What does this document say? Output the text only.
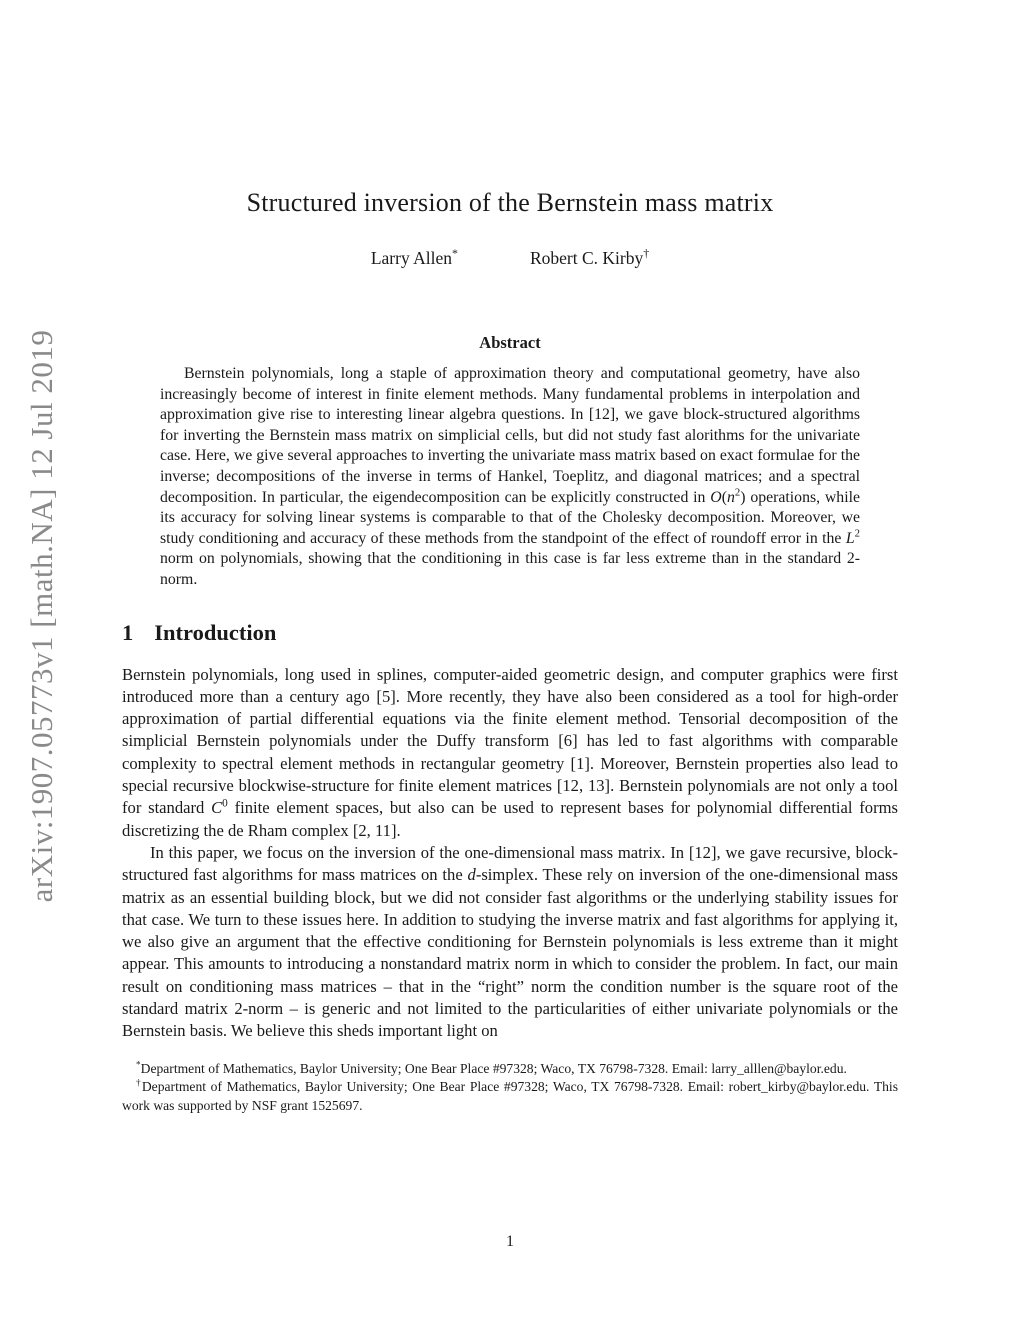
arXiv:1907.05773v1 [math.NA] 12 Jul 2019
Structured inversion of the Bernstein mass matrix
Larry Allen*	Robert C. Kirby†
Abstract

Bernstein polynomials, long a staple of approximation theory and computational geometry, have also increasingly become of interest in finite element methods. Many fundamental problems in interpolation and approximation give rise to interesting linear algebra questions. In [12], we gave block-structured algorithms for inverting the Bernstein mass matrix on simplicial cells, but did not study fast alorithms for the univariate case. Here, we give several approaches to inverting the univariate mass matrix based on exact formulae for the inverse; decompositions of the inverse in terms of Hankel, Toeplitz, and diagonal matrices; and a spectral decomposition. In particular, the eigendecomposition can be explicitly constructed in $O(n^2)$ operations, while its accuracy for solving linear systems is comparable to that of the Cholesky decomposition. Moreover, we study conditioning and accuracy of these methods from the standpoint of the effect of roundoff error in the $L^2$ norm on polynomials, showing that the conditioning in this case is far less extreme than in the standard 2-norm.

1 Introduction

Bernstein polynomials, long used in splines, computer-aided geometric design, and computer graphics were first introduced more than a century ago [5]. More recently, they have also been considered as a tool for high-order approximation of partial differential equations via the finite element method. Tensorial decomposition of the simplicial Bernstein polynomials under the Duffy transform [6] has led to fast algorithms with comparable complexity to spectral element methods in rectangular geometry [1]. Moreover, Bernstein properties also lead to special recursive blockwise-structure for finite element matrices [12, 13]. Bernstein polynomials are not only a tool for standard $C^0$ finite element spaces, but also can be used to represent bases for polynomial differential forms discretizing the de Rham complex [2, 11].

In this paper, we focus on the inversion of the one-dimensional mass matrix. In [12], we gave recursive, block-structured fast algorithms for mass matrices on the d-simplex. These rely on inversion of the one-dimensional mass matrix as an essential building block, but we did not consider fast algorithms or the underlying stability issues for that case. We turn to these issues here. In addition to studying the inverse matrix and fast algorithms for applying it, we also give an argument that the effective conditioning for Bernstein polynomials is less extreme than it might appear. This amounts to introducing a nonstandard matrix norm in which to consider the problem. In fact, our main result on conditioning mass matrices – that in the “right” norm the condition number is the square root of the standard matrix 2-norm – is generic and not limited to the particularities of either univariate polynomials or the Bernstein basis. We believe this sheds important light on

*Department of Mathematics, Baylor University; One Bear Place #97328; Waco, TX 76798-7328. Email: larry_alllen@baylor.edu.

†Department of Mathematics, Baylor University; One Bear Place #97328; Waco, TX 76798-7328. Email: robert_kirby@baylor.edu. This work was supported by NSF grant 1525697.

1
